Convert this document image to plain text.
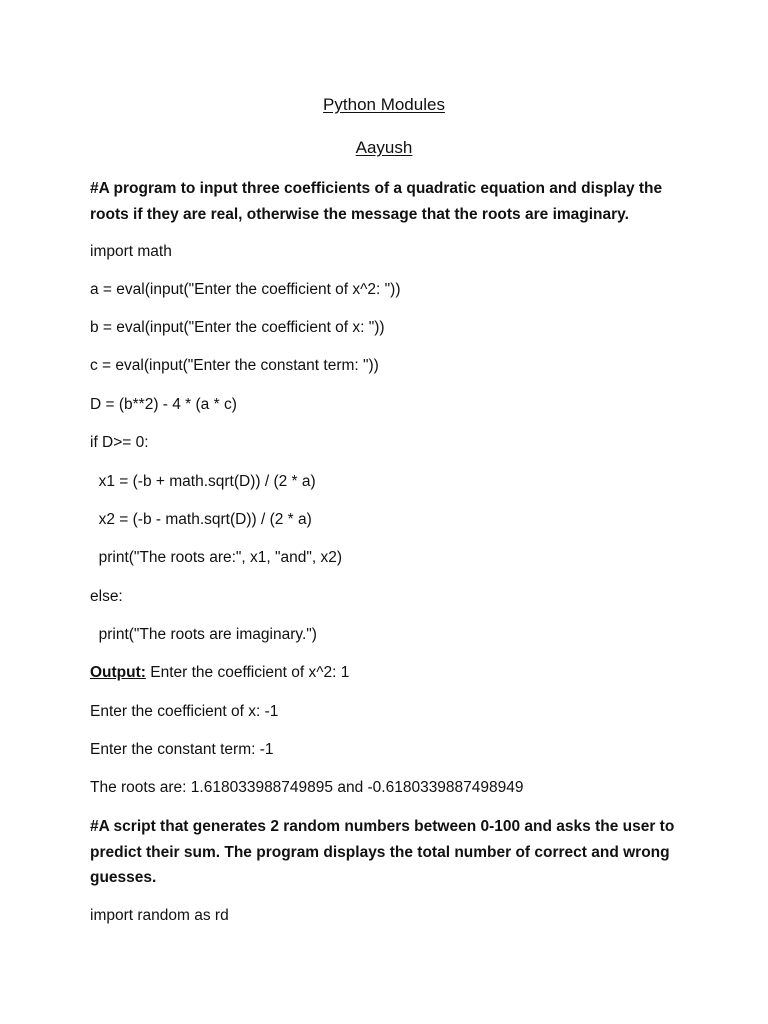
Python Modules
Aayush

#A program to input three coefficients of a quadratic equation and display the roots if they are real, otherwise the message that the roots are imaginary.

import math

a = eval(input("Enter the coefficient of x^2: "))

b = eval(input("Enter the coefficient of x: "))

c = eval(input("Enter the constant term: "))

D = (b**2) - 4 * (a * c)

if D>= 0:

x1 = (-b + math.sqrt(D)) / (2 * a)

x2 = (-b - math.sqrt(D)) / (2 * a)

print("The roots are:", x1, "and", x2)

else:

print("The roots are imaginary.")

Output: Enter the coefficient of x^2: 1

Enter the coefficient of x: -1

Enter the constant term: -1

The roots are: 1.618033988749895 and -0.6180339887498949

#A script that generates 2 random numbers between 0-100 and asks the user to predict their sum. The program displays the total number of correct and wrong guesses.

import random as rd
